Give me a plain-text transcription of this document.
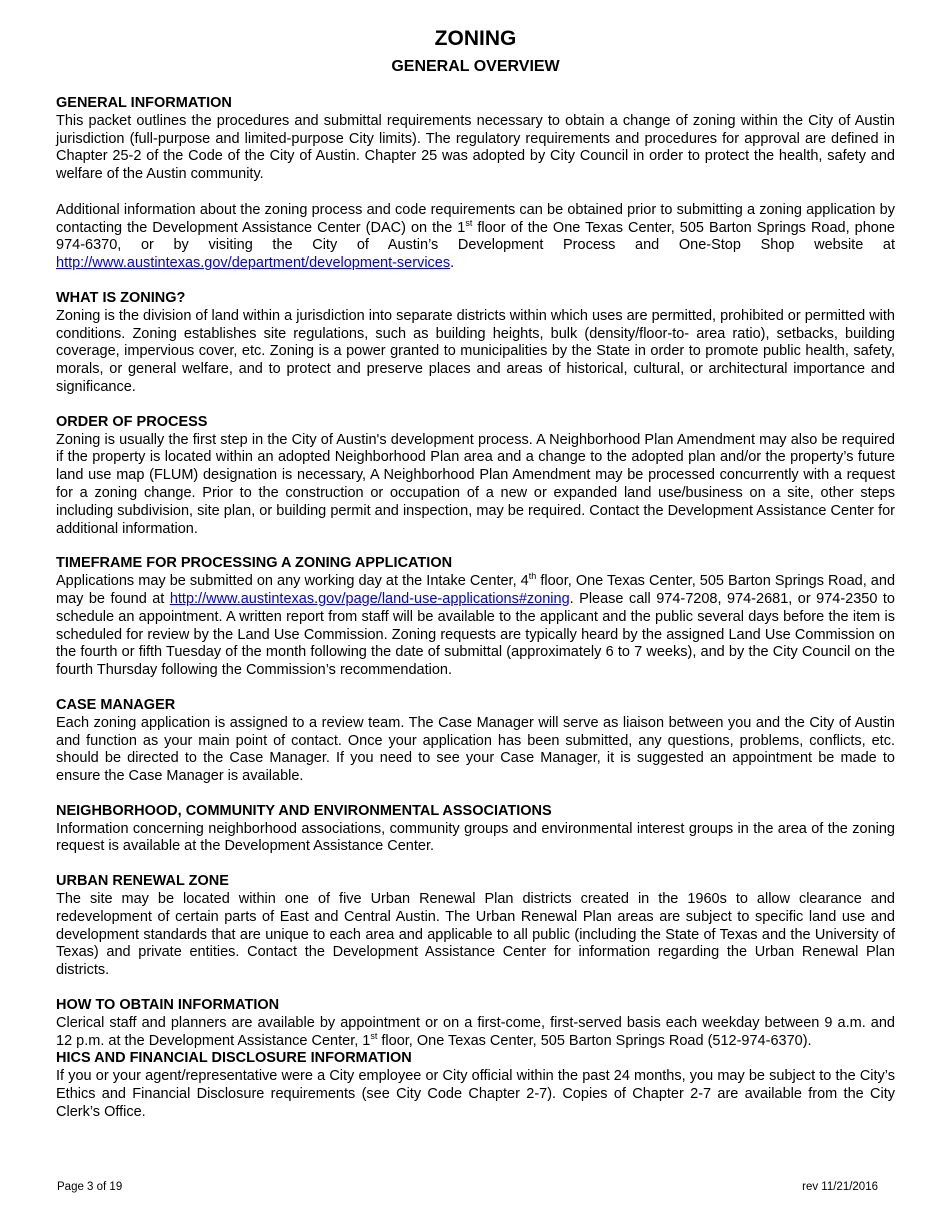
ZONING
GENERAL OVERVIEW
GENERAL INFORMATION

This packet outlines the procedures and submittal requirements necessary to obtain a change of zoning within the City of Austin jurisdiction (full-purpose and limited-purpose City limits). The regulatory requirements and procedures for approval are defined in Chapter 25-2 of the Code of the City of Austin. Chapter 25 was adopted by City Council in order to protect the health, safety and welfare of the Austin community.

Additional information about the zoning process and code requirements can be obtained prior to submitting a zoning application by contacting the Development Assistance Center (DAC) on the 1st floor of the One Texas Center, 505 Barton Springs Road, phone 974-6370, or by visiting the City of Austin’s Development Process and One-Stop Shop website at http://www.austintexas.gov/department/development-services.

WHAT IS ZONING?

Zoning is the division of land within a jurisdiction into separate districts within which uses are permitted, prohibited or permitted with conditions. Zoning establishes site regulations, such as building heights, bulk (density/floor-to- area ratio), setbacks, building coverage, impervious cover, etc. Zoning is a power granted to municipalities by the State in order to promote public health, safety, morals, or general welfare, and to protect and preserve places and areas of historical, cultural, or architectural importance and significance.

ORDER OF PROCESS

Zoning is usually the first step in the City of Austin's development process. A Neighborhood Plan Amendment may also be required if the property is located within an adopted Neighborhood Plan area and a change to the adopted plan and/or the property’s future land use map (FLUM) designation is necessary, A Neighborhood Plan Amendment may be processed concurrently with a request for a zoning change. Prior to the construction or occupation of a new or expanded land use/business on a site, other steps including subdivision, site plan, or building permit and inspection, may be required. Contact the Development Assistance Center for additional information.

TIMEFRAME FOR PROCESSING A ZONING APPLICATION

Applications may be submitted on any working day at the Intake Center, 4th floor, One Texas Center, 505 Barton Springs Road, and may be found at http://www.austintexas.gov/page/land-use-applications#zoning. Please call 974-7208, 974-2681, or 974-2350 to schedule an appointment. A written report from staff will be available to the applicant and the public several days before the item is scheduled for review by the Land Use Commission. Zoning requests are typically heard by the assigned Land Use Commission on the fourth or fifth Tuesday of the month following the date of submittal (approximately 6 to 7 weeks), and by the City Council on the fourth Thursday following the Commission’s recommendation.

CASE MANAGER

Each zoning application is assigned to a review team. The Case Manager will serve as liaison between you and the City of Austin and function as your main point of contact. Once your application has been submitted, any questions, problems, conflicts, etc. should be directed to the Case Manager. If you need to see your Case Manager, it is suggested an appointment be made to ensure the Case Manager is available.

NEIGHBORHOOD, COMMUNITY AND ENVIRONMENTAL ASSOCIATIONS

Information concerning neighborhood associations, community groups and environmental interest groups in the area of the zoning request is available at the Development Assistance Center.

URBAN RENEWAL ZONE

The site may be located within one of five Urban Renewal Plan districts created in the 1960s to allow clearance and redevelopment of certain parts of East and Central Austin. The Urban Renewal Plan areas are subject to specific land use and development standards that are unique to each area and applicable to all public (including the State of Texas and the University of Texas) and private entities. Contact the Development Assistance Center for information regarding the Urban Renewal Plan districts.

HOW TO OBTAIN INFORMATION

Clerical staff and planners are available by appointment or on a first-come, first-served basis each weekday between 9 a.m. and 12 p.m. at the Development Assistance Center, 1st floor, One Texas Center, 505 Barton Springs Road (512-974-6370).

HICS AND FINANCIAL DISCLOSURE INFORMATION

If you or your agent/representative were a City employee or City official within the past 24 months, you may be subject to the City’s Ethics and Financial Disclosure requirements (see City Code Chapter 2-7). Copies of Chapter 2-7 are available from the City Clerk’s Office.

Page 3 of 19	rev 11/21/2016
